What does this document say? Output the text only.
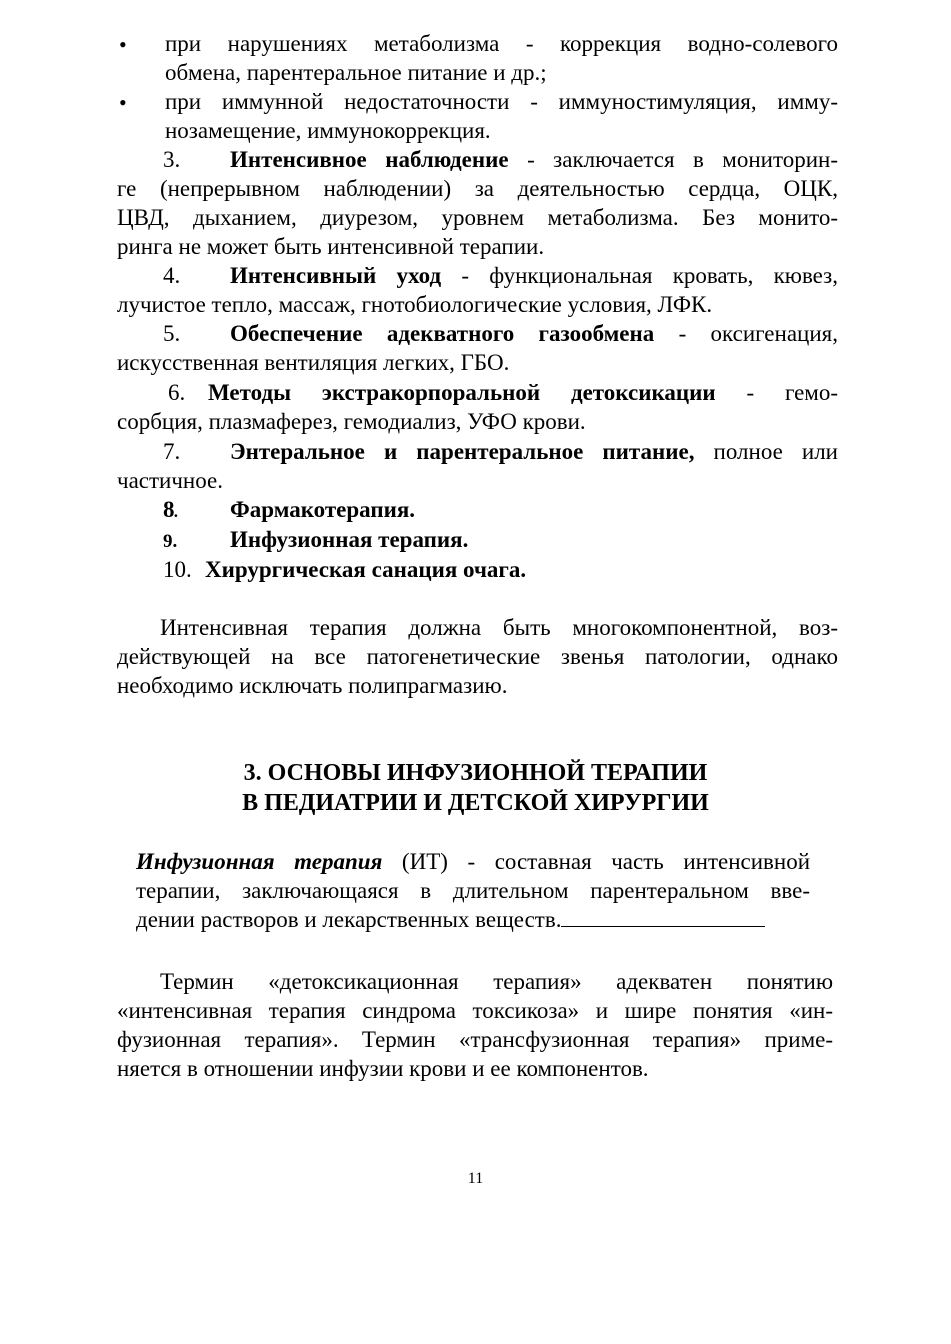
• при нарушениях метаболизма - коррекция водно-солевого
обмена, парентеральное питание и др.;
• при иммунной недостаточности - иммуностимуляция, имму-
нозамещение, иммунокоррекция.
3. Интенсивное наблюдение - заключается в мониторин-
ге (непрерывном наблюдении) за деятельностью сердца, ОЦК,
ЦВД, дыханием, диурезом, уровнем метаболизма. Без монито-
ринга не может быть интенсивной терапии.
4. Интенсивный уход - функциональная кровать, кювез,
лучистое тепло, массаж, гнотобиологические условия, ЛФК.
5. Обеспечение адекватного газообмена - оксигенация,
искусственная вентиляция легких, ГБО.
6. Методы экстракорпоральной детоксикации - гемо-
сорбция, плазмаферез, гемодиализ, УФО крови.
7. Энтеральное и парентеральное питание, полное или
частичное.
8. Фармакотерапия.
9. Инфузионная терапия.
10. Хирургическая санация очага.
Интенсивная терапия должна быть многокомпонентной, воз-
действующей на все патогенетические звенья патологии, однако
необходимо исключать полипрагмазию.
3. ОСНОВЫ ИНФУЗИОННОЙ ТЕРАПИИ
В ПЕДИАТРИИ И ДЕТСКОЙ ХИРУРГИИ
Инфузионная терапия (ИТ) - составная часть интенсивной
терапии, заключающаяся в длительном парентеральном вве-
дении растворов и лекарственных веществ.
Термин «детоксикационная терапия» адекватен понятию
«интенсивная терапия синдрома токсикоза» и шире понятия «ин-
фузионная терапия». Термин «трансфузионная терапия» приме-
няется в отношении инфузии крови и ее компонентов.
11
